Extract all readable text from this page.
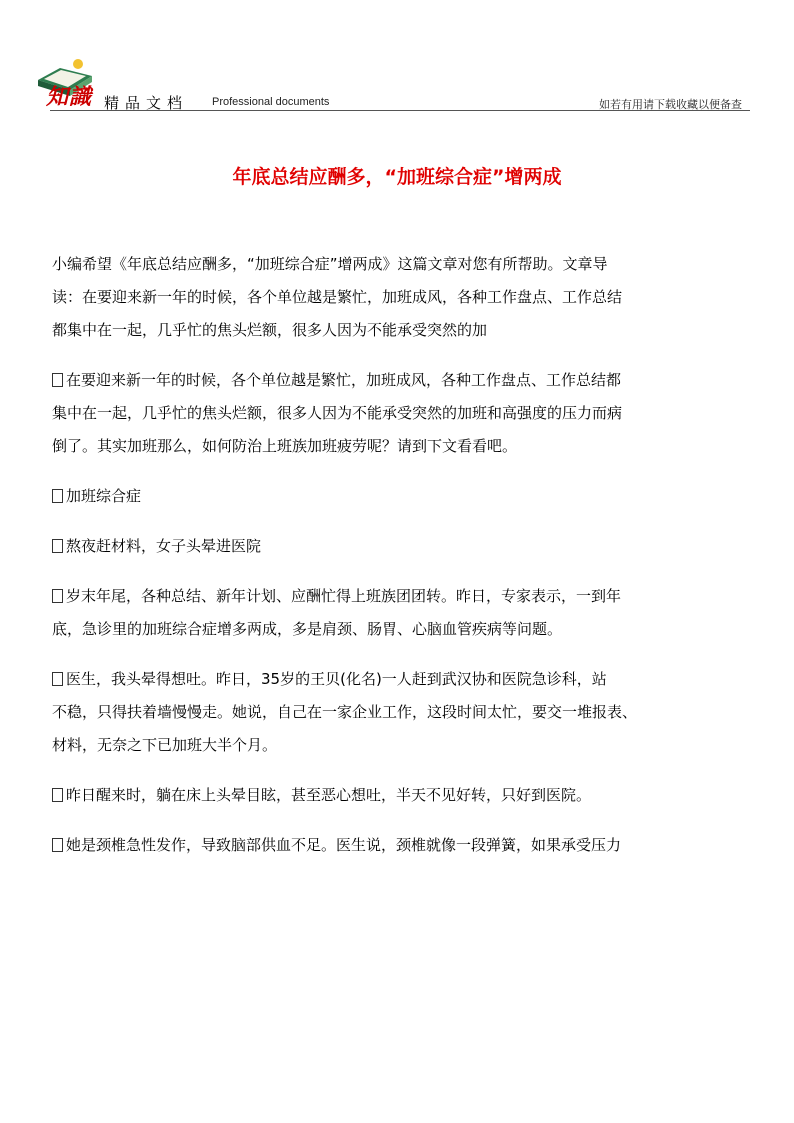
知識 精品文档 Professional documents	如若有用请下载收藏以便备查
年底总结应酬多，“加班综合症”增两成
小编希望《年底总结应酬多，“加班综合症”增两成》这篇文章对您有所帮助。文章导
读：在要迎来新一年的时候，各个单位越是繁忙，加班成风，各种工作盘点、工作总结
都集中在一起，几乎忙的焦头烂额，很多人因为不能承受突然的加
在要迎来新一年的时候，各个单位越是繁忙，加班成风，各种工作盘点、工作总结都
集中在一起，几乎忙的焦头烂额，很多人因为不能承受突然的加班和高强度的压力而病
倒了。其实加班那么，如何防治上班族加班疲劳呢？请到下文看看吧。
加班综合症
熬夜赶材料，女子头晕进医院
岁末年尾，各种总结、新年计划、应酬忙得上班族团团转。昨日，专家表示，一到年
底，急诊里的加班综合症增多两成，多是肩颈、肠胃、心脑血管疾病等问题。
医生，我头晕得想吐。昨日，35岁的王贝(化名)一人赶到武汉协和医院急诊科，站
不稳，只得扶着墙慢慢走。她说，自己在一家企业工作，这段时间太忙，要交一堆报表、
材料，无奈之下已加班大半个月。
昨日醒来时，躺在床上头晕目眩，甚至恶心想吐，半天不见好转，只好到医院。
她是颈椎急性发作，导致脑部供血不足。医生说，颈椎就像一段弹簧，如果承受压力
